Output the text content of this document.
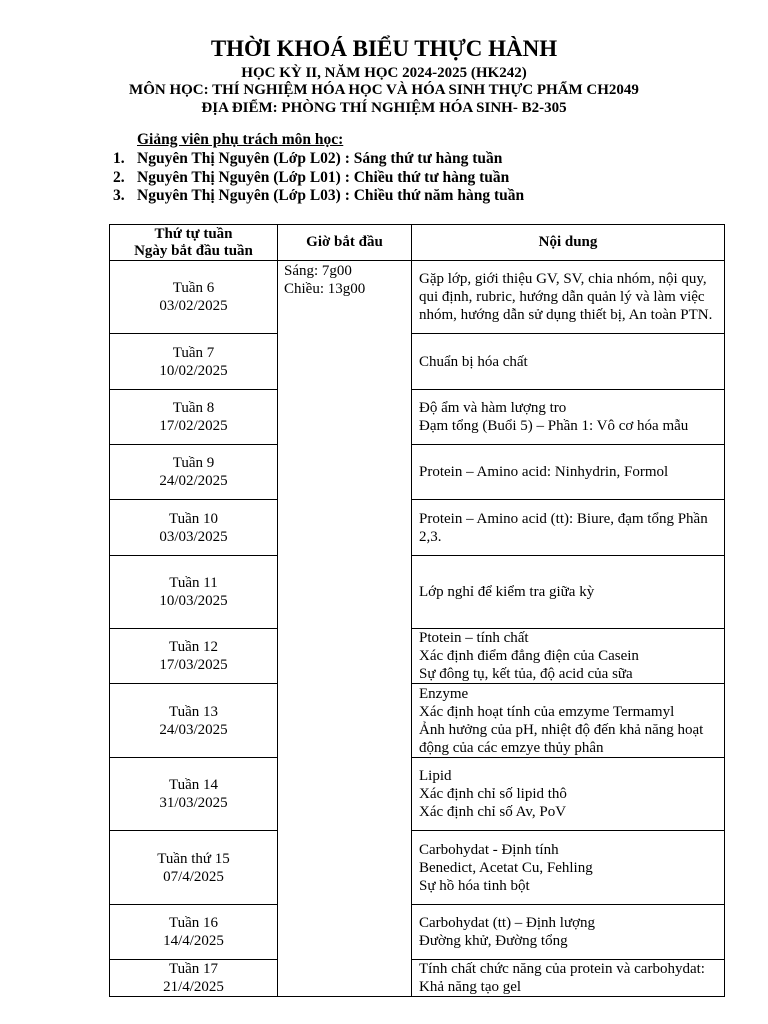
THỜI KHOÁ BIỂU THỰC HÀNH
HỌC KỲ II, NĂM HỌC 2024-2025 (HK242)
MÔN HỌC: THÍ NGHIỆM HÓA HỌC VÀ HÓA SINH THỰC PHẨM CH2049
ĐỊA ĐIỂM: PHÒNG THÍ NGHIỆM HÓA SINH- B2-305
Giảng viên phụ trách môn học:
1. Nguyên Thị Nguyên (Lớp L02) : Sáng thứ tư hàng tuần
2. Nguyên Thị Nguyên (Lớp L01) : Chiều thứ tư hàng tuần
3. Nguyên Thị Nguyên (Lớp L03) : Chiều thứ năm hàng tuần
Thứ tự tuần
Ngày bắt đầu tuần	Giờ bắt đầu	Nội dung

Tuần 6
03/02/2025	Sáng: 7g00
Chiều: 13g00	Gặp lớp, giới thiệu GV, SV, chia nhóm, nội quy, qui định, rubric, hướng dẫn quản lý và làm việc nhóm, hướng dẫn sử dụng thiết bị, An toàn PTN.

Tuần 7
10/02/2025		Chuẩn bị hóa chất

Tuần 8
17/02/2025		Độ ẩm và hàm lượng tro
Đạm tổng (Buổi 5) – Phần 1: Vô cơ hóa mẫu

Tuần 9
24/02/2025		Protein – Amino acid: Ninhydrin, Formol

Tuần 10
03/03/2025		Protein – Amino acid (tt): Biure, đạm tổng Phần 2,3.

Tuần 11
10/03/2025		Lớp nghỉ để kiểm tra giữa kỳ

Tuần 12
17/03/2025		Ptotein – tính chất
Xác định điểm đẳng điện của Casein
Sự đông tụ, kết tủa, độ acid của sữa

Tuần 13
24/03/2025		Enzyme
Xác định hoạt tính của emzyme Termamyl
Ảnh hưởng của pH, nhiệt độ đến khả năng hoạt động của các emzye thủy phân

Tuần 14
31/03/2025		Lipid
Xác định chỉ số lipid thô
Xác định chỉ số Av, PoV

Tuần thứ 15
07/4/2025		Carbohydat - Định tính
Benedict, Acetat Cu, Fehling
Sự hồ hóa tinh bột

Tuần 16
14/4/2025		Carbohydat (tt) – Định lượng
Đường khử, Đường tổng

Tuần 17
21/4/2025		Tính chất chức năng của protein và carbohydat: Khả năng tạo gel
